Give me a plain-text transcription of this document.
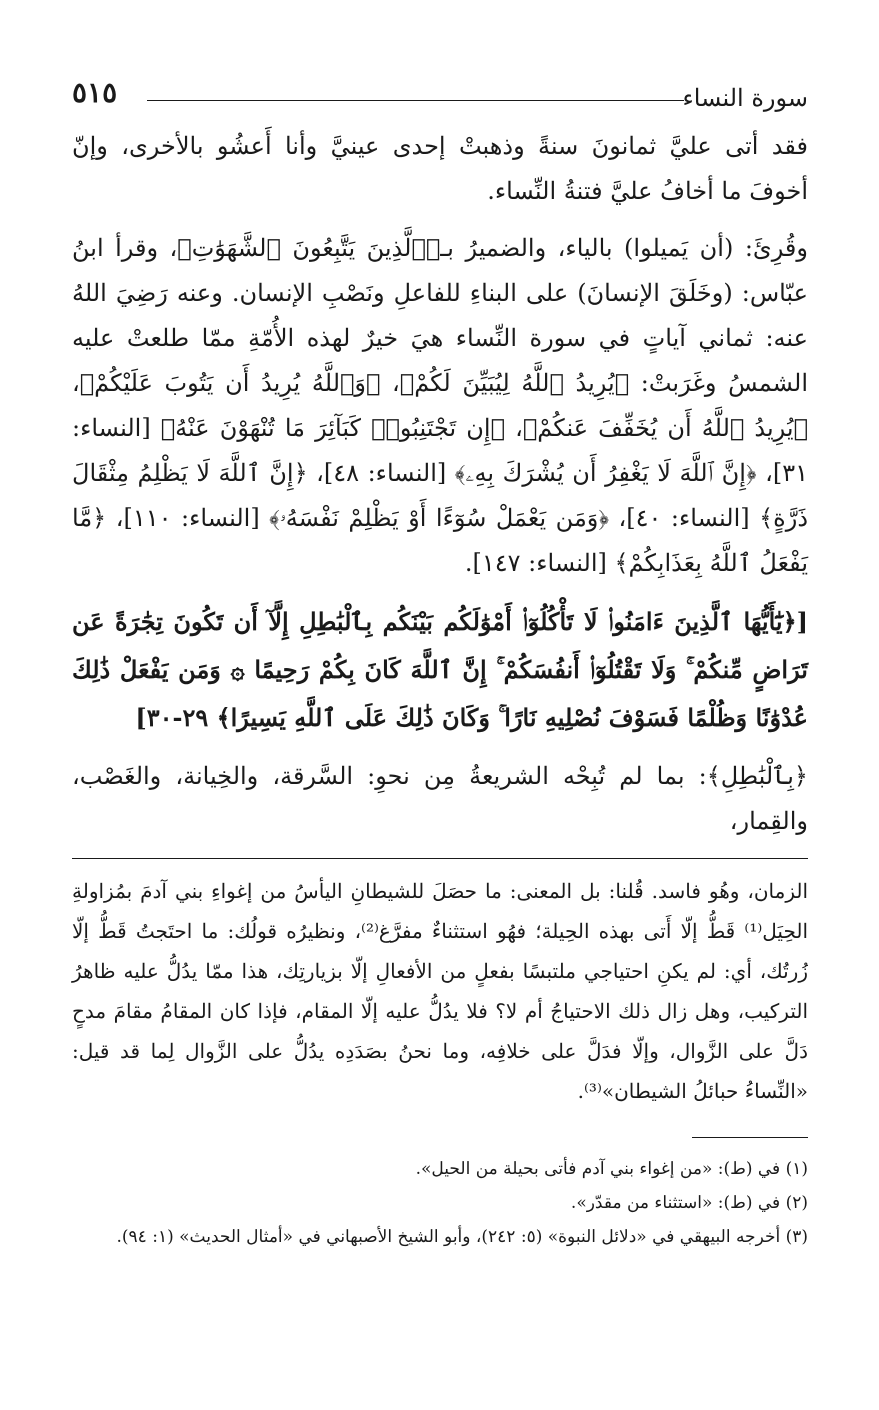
سورة النساء
٥١٥

فقد أتى عليَّ ثمانونَ سنةً وذهبتْ إحدى عينيَّ وأنا أَعشُو بالأخرى، وإنّ أخوفَ ما أخافُ عليَّ فتنةُ النِّساء.

وقُرِئَ: (أن يَميلوا) بالياء، والضميرُ بـ﴿ٱلَّذِينَ يَتَّبِعُونَ ٱلشَّهَوَٰتِ﴾، وقرأ ابنُ عبّاس: (وخَلَقَ الإنسانَ) على البناءِ للفاعلِ ونَصْبِ الإنسان. وعنه رَضِيَ اللهُ عنه: ثماني آياتٍ في سورة النِّساء هيَ خيرٌ لهذه الأُمّةِ ممّا طلعتْ عليه الشمسُ وغَرَبتْ: ﴿يُرِيدُ ٱللَّهُ لِيُبَيِّنَ لَكُمْ﴾، ﴿وَٱللَّهُ يُرِيدُ أَن يَتُوبَ عَلَيْكُمْ﴾، ﴿يُرِيدُ ٱللَّهُ أَن يُخَفِّفَ عَنكُمْ﴾، ﴿إِن تَجْتَنِبُوا۟ كَبَآئِرَ مَا تُنْهَوْنَ عَنْهُ﴾ [النساء: ٣١]، ﴿إِنَّ ٱللَّهَ لَا يَغْفِرُ أَن يُشْرَكَ بِهِۦ﴾ [النساء: ٤٨]، ﴿إِنَّ ٱللَّهَ لَا يَظْلِمُ مِثْقَالَ ذَرَّةٍ﴾ [النساء: ٤٠]، ﴿وَمَن يَعْمَلْ سُوٓءًا أَوْ يَظْلِمْ نَفْسَهُۥ﴾ [النساء: ١١٠]، ﴿مَّا يَفْعَلُ ٱللَّهُ بِعَذَابِكُمْ﴾ [النساء: ١٤٧].

[﴿يَٰٓأَيُّهَا ٱلَّذِينَ ءَامَنُوا۟ لَا تَأْكُلُوٓا۟ أَمْوَٰلَكُم بَيْنَكُم بِٱلْبَٰطِلِ إِلَّآ أَن تَكُونَ تِجَٰرَةً عَن تَرَاضٍ مِّنكُمْ ۚ وَلَا تَقْتُلُوٓا۟ أَنفُسَكُمْ ۚ إِنَّ ٱللَّهَ كَانَ بِكُمْ رَحِيمًا ۞ وَمَن يَفْعَلْ ذَٰلِكَ عُدْوَٰنًا وَظُلْمًا فَسَوْفَ نُصْلِيهِ نَارًا ۚ وَكَانَ ذَٰلِكَ عَلَى ٱللَّهِ يَسِيرًا﴾ ٢٩-٣٠]

﴿بِٱلْبَٰطِلِ﴾: بما لم تُبِحْه الشريعةُ مِن نحوِ: السَّرقة، والخِيانة، والغَصْب، والقِمار،

الزمان، وهُو فاسد. قُلنا: بل المعنى: ما حصَلَ للشيطانِ اليأسُ من إغواءِ بني آدمَ بمُزاولةِ الحِيَل⁽¹⁾ قَطُّ إلّا أَتى بهذه الحِيلة؛ فهُو استثناءٌ مفرَّغ⁽²⁾، ونظيرُه قولُك: ما احتَجتُ قَطُّ إلّا زُرتُك، أي: لم يكنِ احتياجي ملتبسًا بفعلٍ من الأفعالِ إلّا بزيارتِك، هذا ممّا يدُلُّ عليه ظاهرُ التركيب، وهل زال ذلك الاحتياجُ أم لا؟ فلا يدُلُّ عليه إلّا المقام، فإذا كان المقامُ مقامَ مدحٍ دَلَّ على الزَّوال، وإلّا فدَلَّ على خلافِه، وما نحنُ بصَدَدِه يدُلُّ على الزَّوال لِما قد قيل: «النِّساءُ حبائلُ الشيطان»⁽³⁾.

(١) في (ط): «من إغواء بني آدم فأتى بحيلة من الحيل».

(٢) في (ط): «استثناء من مقدّر».

(٣) أخرجه البيهقي في «دلائل النبوة» (٥: ٢٤٢)، وأبو الشيخ الأصبهاني في «أمثال الحديث» (١: ٩٤).
